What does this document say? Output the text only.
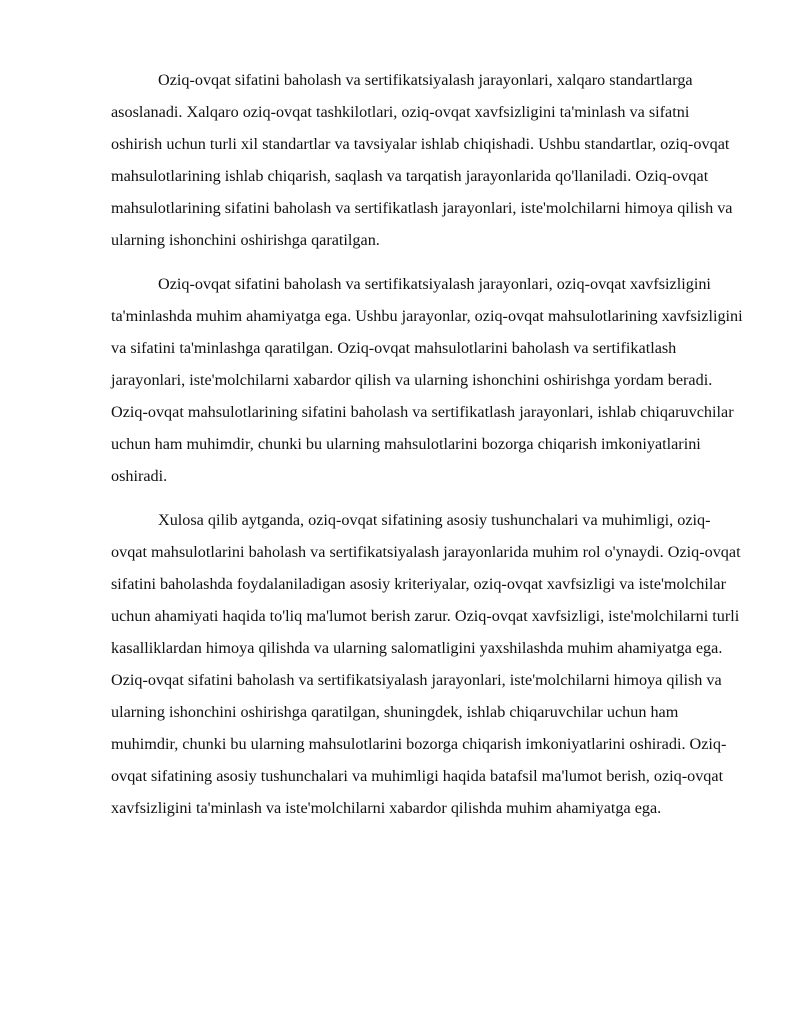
Oziq-ovqat sifatini baholash va sertifikatsiyalash jarayonlari, xalqaro standartlarga asoslanadi. Xalqaro oziq-ovqat tashkilotlari, oziq-ovqat xavfsizligini ta'minlash va sifatni oshirish uchun turli xil standartlar va tavsiyalar ishlab chiqishadi. Ushbu standartlar, oziq-ovqat mahsulotlarining ishlab chiqarish, saqlash va tarqatish jarayonlarida qo'llaniladi. Oziq-ovqat mahsulotlarining sifatini baholash va sertifikatlash jarayonlari, iste'molchilarni himoya qilish va ularning ishonchini oshirishga qaratilgan.

Oziq-ovqat sifatini baholash va sertifikatsiyalash jarayonlari, oziq-ovqat xavfsizligini ta'minlashda muhim ahamiyatga ega. Ushbu jarayonlar, oziq-ovqat mahsulotlarining xavfsizligini va sifatini ta'minlashga qaratilgan. Oziq-ovqat mahsulotlarini baholash va sertifikatlash jarayonlari, iste'molchilarni xabardor qilish va ularning ishonchini oshirishga yordam beradi. Oziq-ovqat mahsulotlarining sifatini baholash va sertifikatlash jarayonlari, ishlab chiqaruvchilar uchun ham muhimdir, chunki bu ularning mahsulotlarini bozorga chiqarish imkoniyatlarini oshiradi.

Xulosa qilib aytganda, oziq-ovqat sifatining asosiy tushunchalari va muhimligi, oziq-ovqat mahsulotlarini baholash va sertifikatsiyalash jarayonlarida muhim rol o'ynaydi. Oziq-ovqat sifatini baholashda foydalaniladigan asosiy kriteriyalar, oziq-ovqat xavfsizligi va iste'molchilar uchun ahamiyati haqida to'liq ma'lumot berish zarur. Oziq-ovqat xavfsizligi, iste'molchilarni turli kasalliklardan himoya qilishda va ularning salomatligini yaxshilashda muhim ahamiyatga ega. Oziq-ovqat sifatini baholash va sertifikatsiyalash jarayonlari, iste'molchilarni himoya qilish va ularning ishonchini oshirishga qaratilgan, shuningdek, ishlab chiqaruvchilar uchun ham muhimdir, chunki bu ularning mahsulotlarini bozorga chiqarish imkoniyatlarini oshiradi. Oziq-ovqat sifatining asosiy tushunchalari va muhimligi haqida batafsil ma'lumot berish, oziq-ovqat xavfsizligini ta'minlash va iste'molchilarni xabardor qilishda muhim ahamiyatga ega.
